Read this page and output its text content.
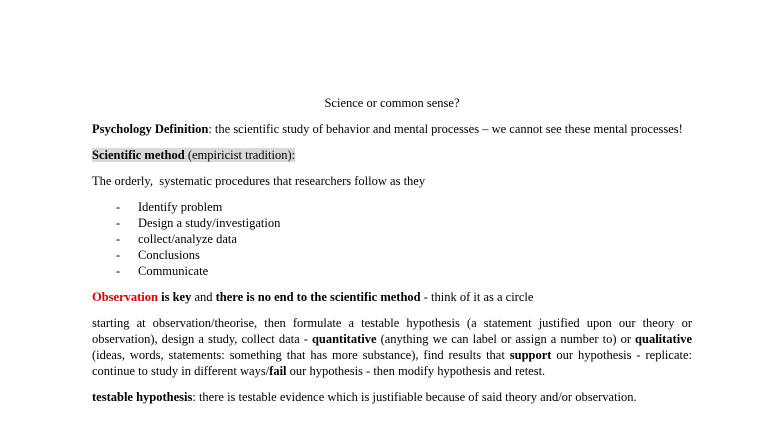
Science or common sense?

Psychology Definition: the scientific study of behavior and mental processes – we cannot see these mental processes!

Scientific method (empiricist tradition):

The orderly,  systematic procedures that researchers follow as they

- Identify problem
- Design a study/investigation
- collect/analyze data
- Conclusions
- Communicate

Observation is key and there is no end to the scientific method - think of it as a circle

starting at observation/theorise, then formulate a testable hypothesis (a statement justified upon our theory or observation), design a study, collect data - quantitative (anything we can label or assign a number to) or qualitative (ideas, words, statements: something that has more substance), find results that support our hypothesis - replicate: continue to study in different ways/fail our hypothesis - then modify hypothesis and retest.

testable hypothesis: there is testable evidence which is justifiable because of said theory and/or observation.
